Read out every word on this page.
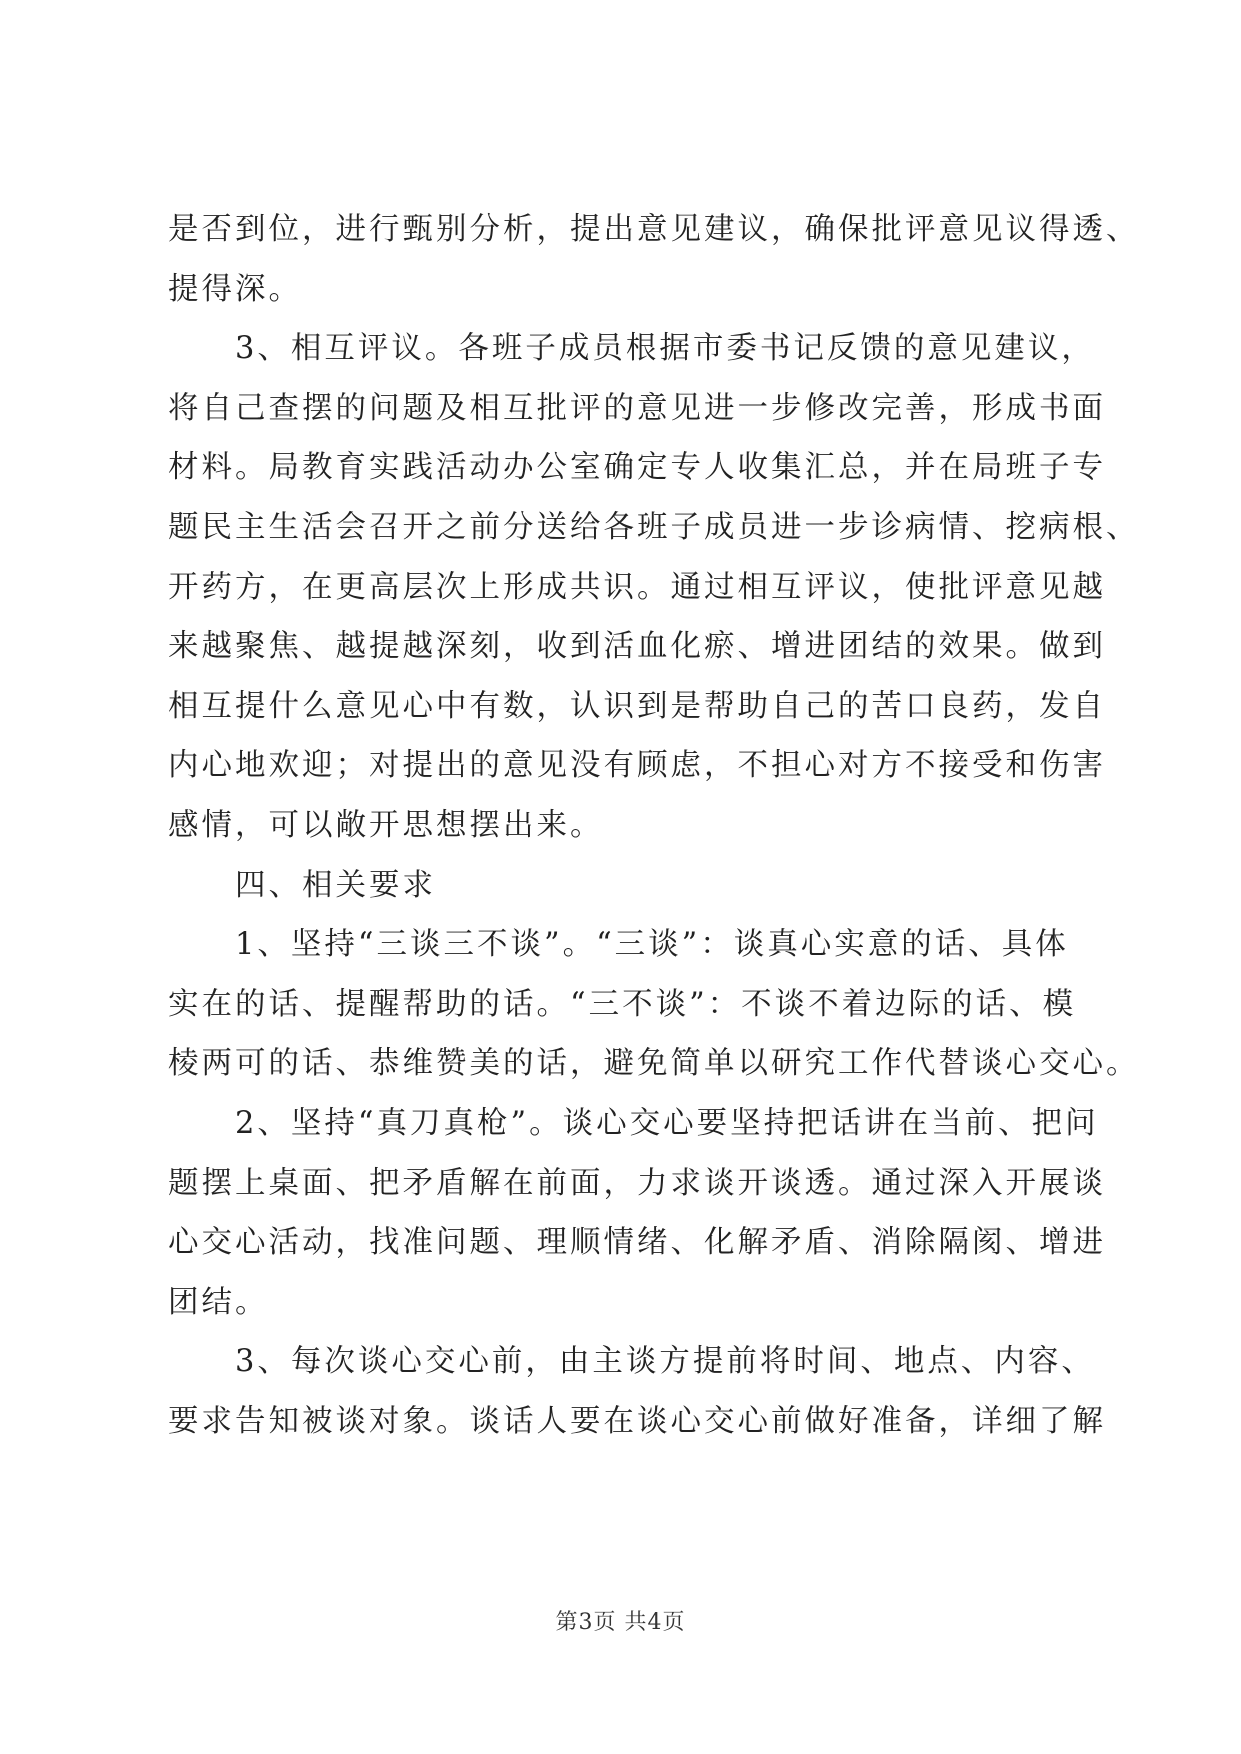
是否到位，进行甄别分析，提出意见建议，确保批评意见议得透、
提得深。
　　3、相互评议。各班子成员根据市委书记反馈的意见建议，
将自己查摆的问题及相互批评的意见进一步修改完善，形成书面
材料。局教育实践活动办公室确定专人收集汇总，并在局班子专
题民主生活会召开之前分送给各班子成员进一步诊病情、挖病根、
开药方，在更高层次上形成共识。通过相互评议，使批评意见越
来越聚焦、越提越深刻，收到活血化瘀、增进团结的效果。做到
相互提什么意见心中有数，认识到是帮助自己的苦口良药，发自
内心地欢迎；对提出的意见没有顾虑，不担心对方不接受和伤害
感情，可以敞开思想摆出来。
　　四、相关要求
　　1、坚持“三谈三不谈”。“三谈”：谈真心实意的话、具体
实在的话、提醒帮助的话。“三不谈”：不谈不着边际的话、模
棱两可的话、恭维赞美的话，避免简单以研究工作代替谈心交心。
　　2、坚持“真刀真枪”。谈心交心要坚持把话讲在当前、把问
题摆上桌面、把矛盾解在前面，力求谈开谈透。通过深入开展谈
心交心活动，找准问题、理顺情绪、化解矛盾、消除隔阂、增进
团结。
　　3、每次谈心交心前，由主谈方提前将时间、地点、内容、
要求告知被谈对象。谈话人要在谈心交心前做好准备，详细了解
第3页 共4页
